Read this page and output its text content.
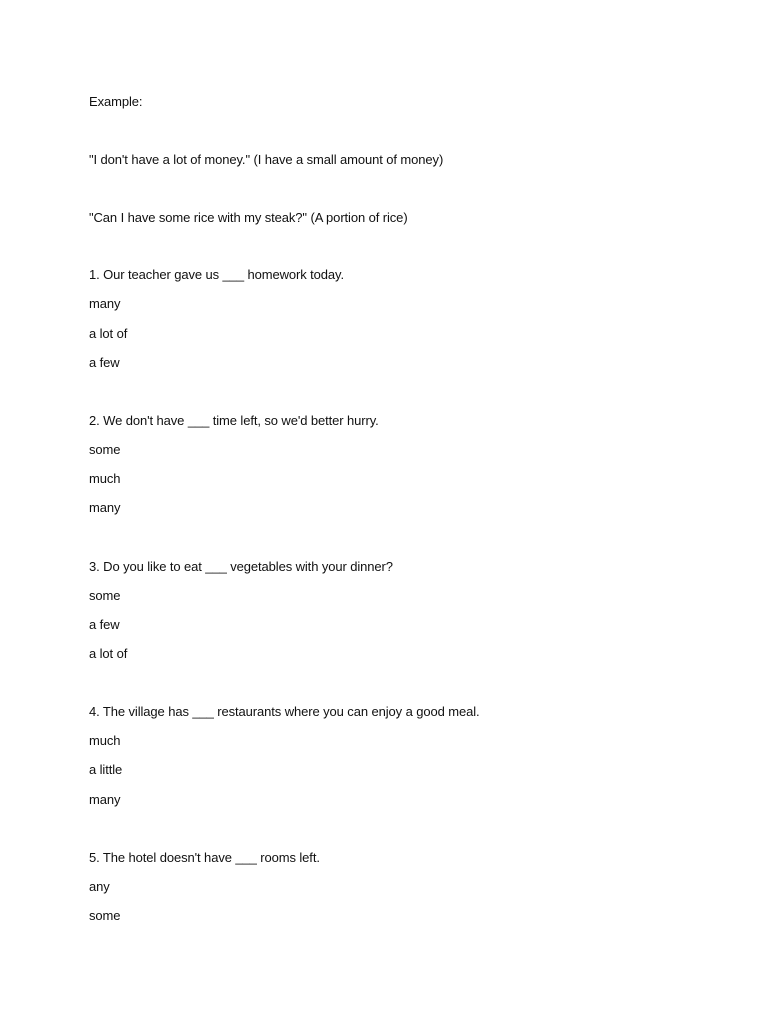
Example:
"I don't have a lot of money." (I have a small amount of money)
"Can I have some rice with my steak?" (A portion of rice)
1. Our teacher gave us ___ homework today.
many
a lot of
a few
2. We don't have ___ time left, so we'd better hurry.
some
much
many
3. Do you like to eat ___ vegetables with your dinner?
some
a few
a lot of
4. The village has ___ restaurants where you can enjoy a good meal.
much
a little
many
5. The hotel doesn't have ___ rooms left.
any
some
